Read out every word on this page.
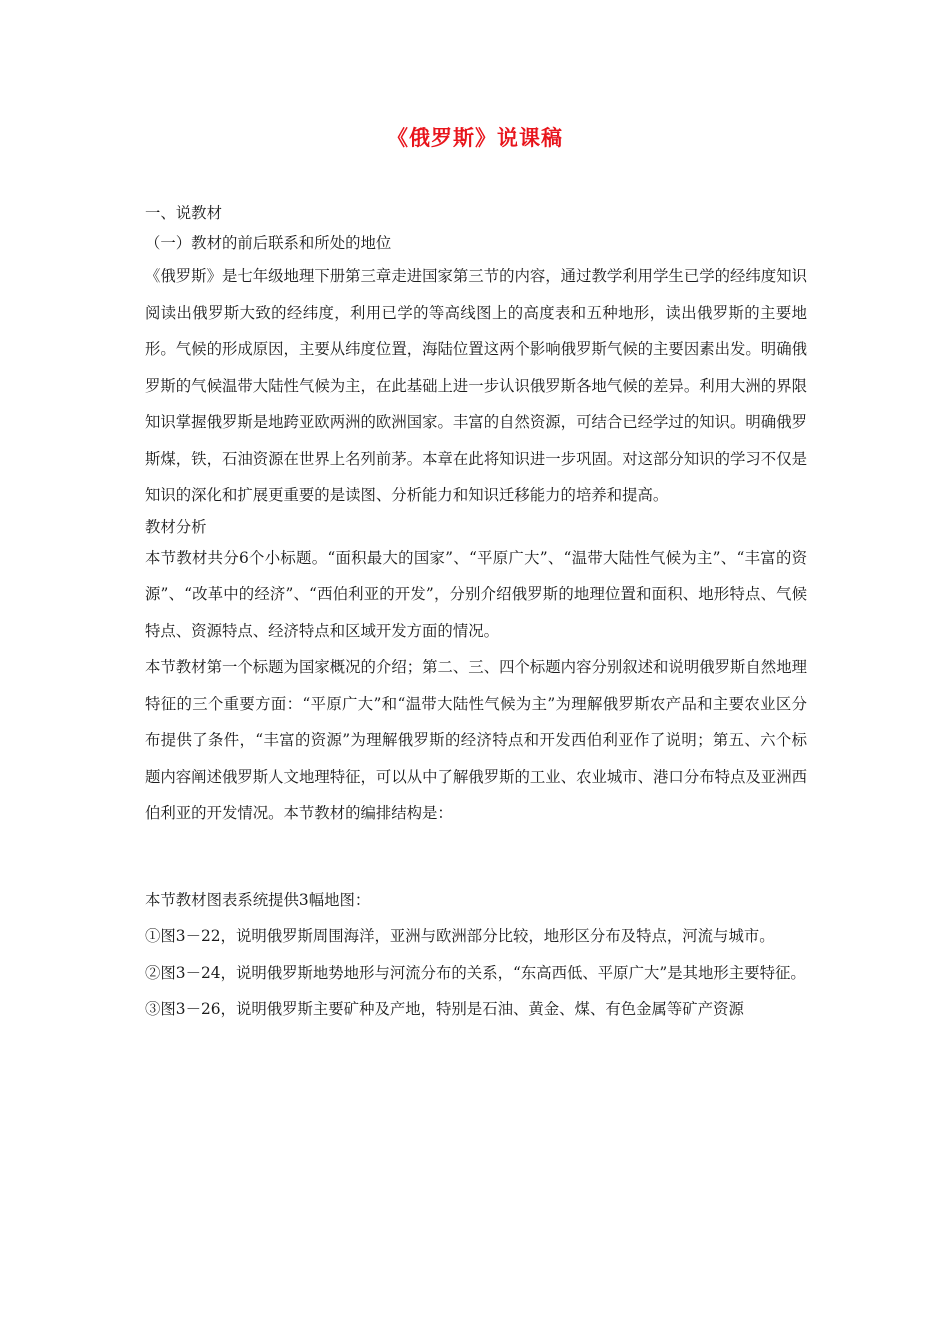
《俄罗斯》说课稿
一、说教材
（一）教材的前后联系和所处的地位
《俄罗斯》是七年级地理下册第三章走进国家第三节的内容，通过教学利用学生已学的经纬度知识阅读出俄罗斯大致的经纬度，利用已学的等高线图上的高度表和五种地形，读出俄罗斯的主要地形。气候的形成原因，主要从纬度位置，海陆位置这两个影响俄罗斯气候的主要因素出发。明确俄罗斯的气候温带大陆性气候为主，在此基础上进一步认识俄罗斯各地气候的差异。利用大洲的界限知识掌握俄罗斯是地跨亚欧两洲的欧洲国家。丰富的自然资源，可结合已经学过的知识。明确俄罗斯煤，铁，石油资源在世界上名列前茅。本章在此将知识进一步巩固。对这部分知识的学习不仅是知识的深化和扩展更重要的是读图、分析能力和知识迁移能力的培养和提高。
教材分析
本节教材共分6个小标题。“面积最大的国家”、“平原广大”、“温带大陆性气候为主”、“丰富的资源”、“改革中的经济”、“西伯利亚的开发”，分别介绍俄罗斯的地理位置和面积、地形特点、气候特点、资源特点、经济特点和区域开发方面的情况。
本节教材第一个标题为国家概况的介绍；第二、三、四个标题内容分别叙述和说明俄罗斯自然地理特征的三个重要方面：“平原广大”和“温带大陆性气候为主”为理解俄罗斯农产品和主要农业区分布提供了条件，“丰富的资源”为理解俄罗斯的经济特点和开发西伯利亚作了说明；第五、六个标题内容阐述俄罗斯人文地理特征，可以从中了解俄罗斯的工业、农业城市、港口分布特点及亚洲西伯利亚的开发情况。本节教材的编排结构是：
本节教材图表系统提供3幅地图：
①图3－22，说明俄罗斯周围海洋，亚洲与欧洲部分比较，地形区分布及特点，河流与城市。
②图3－24，说明俄罗斯地势地形与河流分布的关系，“东高西低、平原广大”是其地形主要特征。
③图3－26，说明俄罗斯主要矿种及产地，特别是石油、黄金、煤、有色金属等矿产资源
